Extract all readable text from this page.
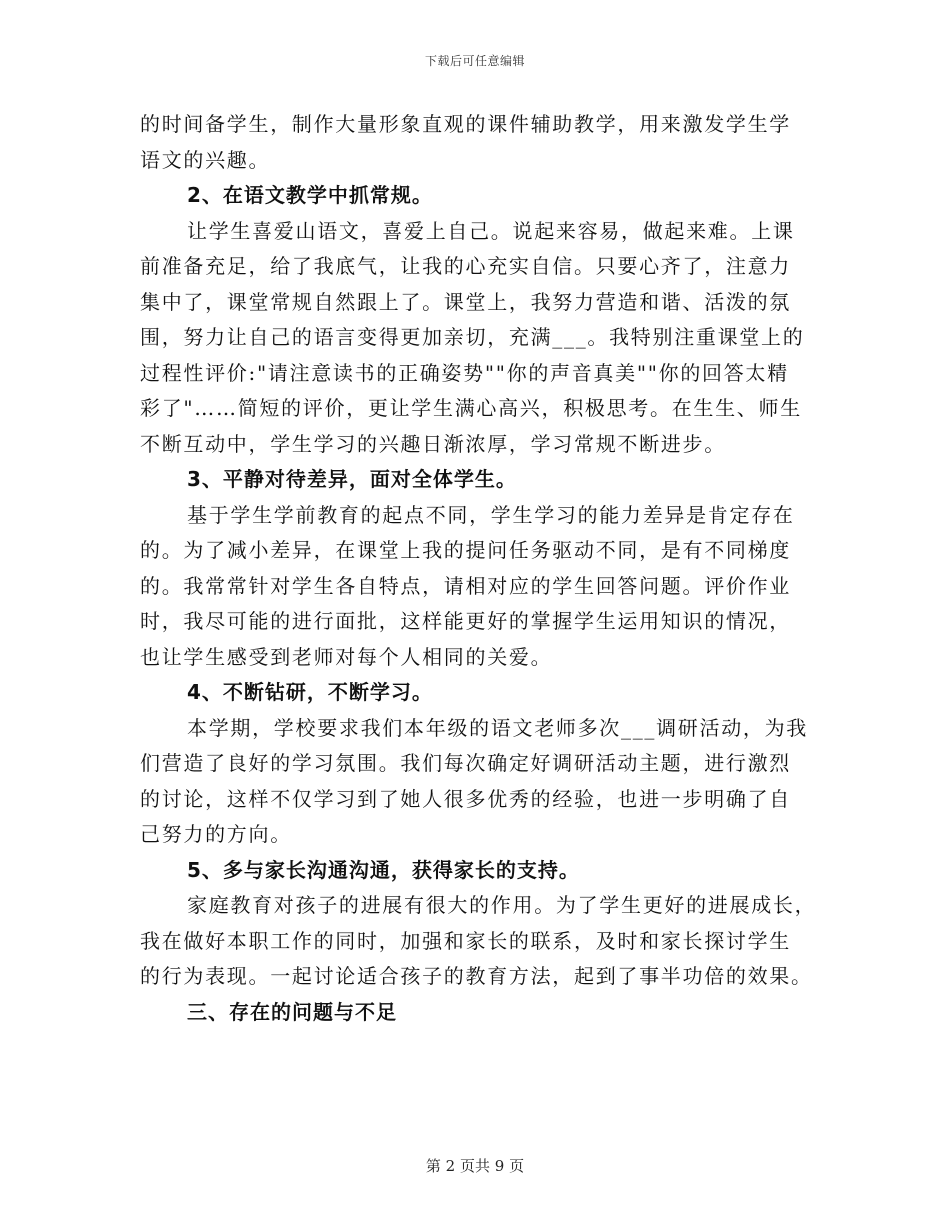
下载后可任意编辑
的时间备学生，制作大量形象直观的课件辅助教学，用来激发学生学
语文的兴趣。
2、在语文教学中抓常规。
让学生喜爱山语文，喜爱上自己。说起来容易，做起来难。上课
前准备充足，给了我底气，让我的心充实自信。只要心齐了，注意力
集中了，课堂常规自然跟上了。课堂上，我努力营造和谐、活泼的氛
围，努力让自己的语言变得更加亲切，充满___。我特别注重课堂上的
过程性评价:"请注意读书的正确姿势""你的声音真美""你的回答太精
彩了"……简短的评价，更让学生满心高兴，积极思考。在生生、师生
不断互动中，学生学习的兴趣日渐浓厚，学习常规不断进步。
3、平静对待差异，面对全体学生。
基于学生学前教育的起点不同，学生学习的能力差异是肯定存在
的。为了减小差异，在课堂上我的提问任务驱动不同，是有不同梯度
的。我常常针对学生各自特点，请相对应的学生回答问题。评价作业
时，我尽可能的进行面批，这样能更好的掌握学生运用知识的情况，
也让学生感受到老师对每个人相同的关爱。
4、不断钻研，不断学习。
本学期，学校要求我们本年级的语文老师多次___调研活动，为我
们营造了良好的学习氛围。我们每次确定好调研活动主题，进行激烈
的讨论，这样不仅学习到了她人很多优秀的经验，也进一步明确了自
己努力的方向。
5、多与家长沟通沟通，获得家长的支持。
家庭教育对孩子的进展有很大的作用。为了学生更好的进展成长，
我在做好本职工作的同时，加强和家长的联系，及时和家长探讨学生
的行为表现。一起讨论适合孩子的教育方法，起到了事半功倍的效果。
三、存在的问题与不足
第 2 页共 9 页
